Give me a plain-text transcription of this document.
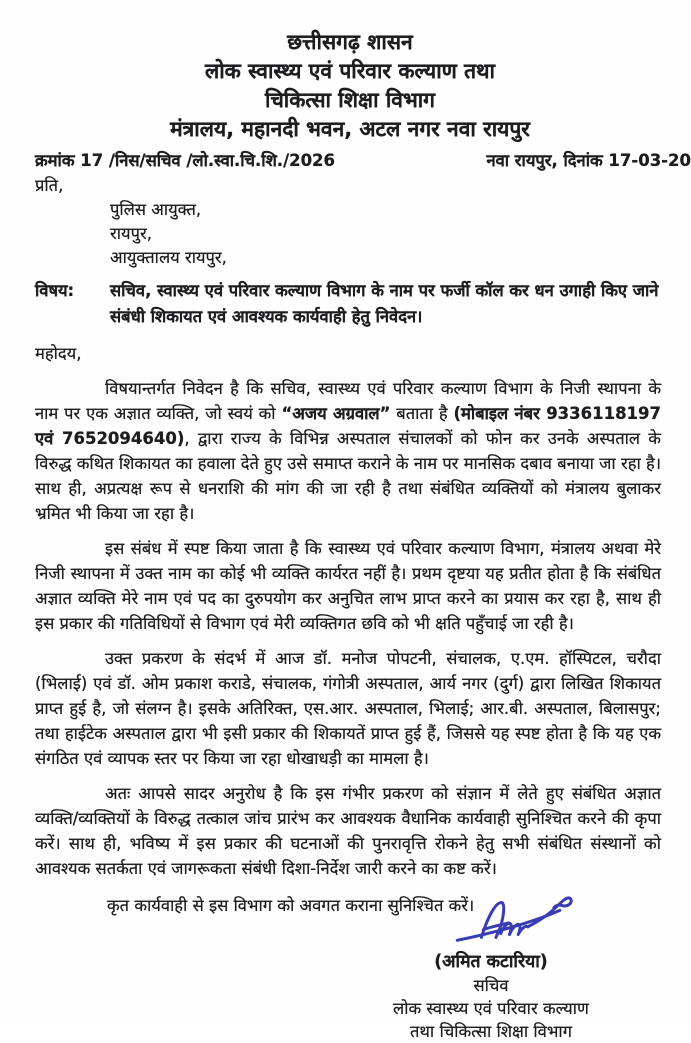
छत्तीसगढ़ शासन
लोक स्वास्थ्य एवं परिवार कल्याण तथा
चिकित्सा शिक्षा विभाग
मंत्रालय, महानदी भवन, अटल नगर नवा रायपुर
क्रमांक 17 /निस/सचिव /लो.स्वा.चि.शि./2026	नवा रायपुर, दिनांक 17-03-20
प्रति,
पुलिस आयुक्त,
रायपुर,
आयुक्तालय रायपुर,
विषय:	सचिव, स्वास्थ्य एवं परिवार कल्याण विभाग के नाम पर फर्जी कॉल कर धन उगाही किए जाने संबंधी शिकायत एवं आवश्यक कार्यवाही हेतु निवेदन।
महोदय,

विषयान्तर्गत निवेदन है कि सचिव, स्वास्थ्य एवं परिवार कल्याण विभाग के निजी स्थापना के नाम पर एक अज्ञात व्यक्ति, जो स्वयं को “अजय अग्रवाल” बताता है (मोबाइल नंबर 9336118197 एवं 7652094640), द्वारा राज्य के विभिन्न अस्पताल संचालकों को फोन कर उनके अस्पताल के विरुद्ध कथित शिकायत का हवाला देते हुए उसे समाप्त कराने के नाम पर मानसिक दबाव बनाया जा रहा है। साथ ही, अप्रत्यक्ष रूप से धनराशि की मांग की जा रही है तथा संबंधित व्यक्तियों को मंत्रालय बुलाकर भ्रमित भी किया जा रहा है।

इस संबंध में स्पष्ट किया जाता है कि स्वास्थ्य एवं परिवार कल्याण विभाग, मंत्रालय अथवा मेरे निजी स्थापना में उक्त नाम का कोई भी व्यक्ति कार्यरत नहीं है। प्रथम दृष्टया यह प्रतीत होता है कि संबंधित अज्ञात व्यक्ति मेरे नाम एवं पद का दुरुपयोग कर अनुचित लाभ प्राप्त करने का प्रयास कर रहा है, साथ ही इस प्रकार की गतिविधियों से विभाग एवं मेरी व्यक्तिगत छवि को भी क्षति पहुँचाई जा रही है।

उक्त प्रकरण के संदर्भ में आज डॉ. मनोज पोपटनी, संचालक, ए.एम. हॉस्पिटल, चरौदा (भिलाई) एवं डॉ. ओम प्रकाश कराडे, संचालक, गंगोत्री अस्पताल, आर्य नगर (दुर्ग) द्वारा लिखित शिकायत प्राप्त हुई है, जो संलग्न है। इसके अतिरिक्त, एस.आर. अस्पताल, भिलाई; आर.बी. अस्पताल, बिलासपुर; तथा हाईटेक अस्पताल द्वारा भी इसी प्रकार की शिकायतें प्राप्त हुई हैं, जिससे यह स्पष्ट होता है कि यह एक संगठित एवं व्यापक स्तर पर किया जा रहा धोखाधड़ी का मामला है।

अतः आपसे सादर अनुरोध है कि इस गंभीर प्रकरण को संज्ञान में लेते हुए संबंधित अज्ञात व्यक्ति/व्यक्तियों के विरुद्ध तत्काल जांच प्रारंभ कर आवश्यक वैधानिक कार्यवाही सुनिश्चित करने की कृपा करें। साथ ही, भविष्य में इस प्रकार की घटनाओं की पुनरावृत्ति रोकने हेतु सभी संबंधित संस्थानों को आवश्यक सतर्कता एवं जागरूकता संबंधी दिशा-निर्देश जारी करने का कष्ट करें।

कृत कार्यवाही से इस विभाग को अवगत कराना सुनिश्चित करें।
(अमित कटारिया)
सचिव
लोक स्वास्थ्य एवं परिवार कल्याण
तथा चिकित्सा शिक्षा विभाग
